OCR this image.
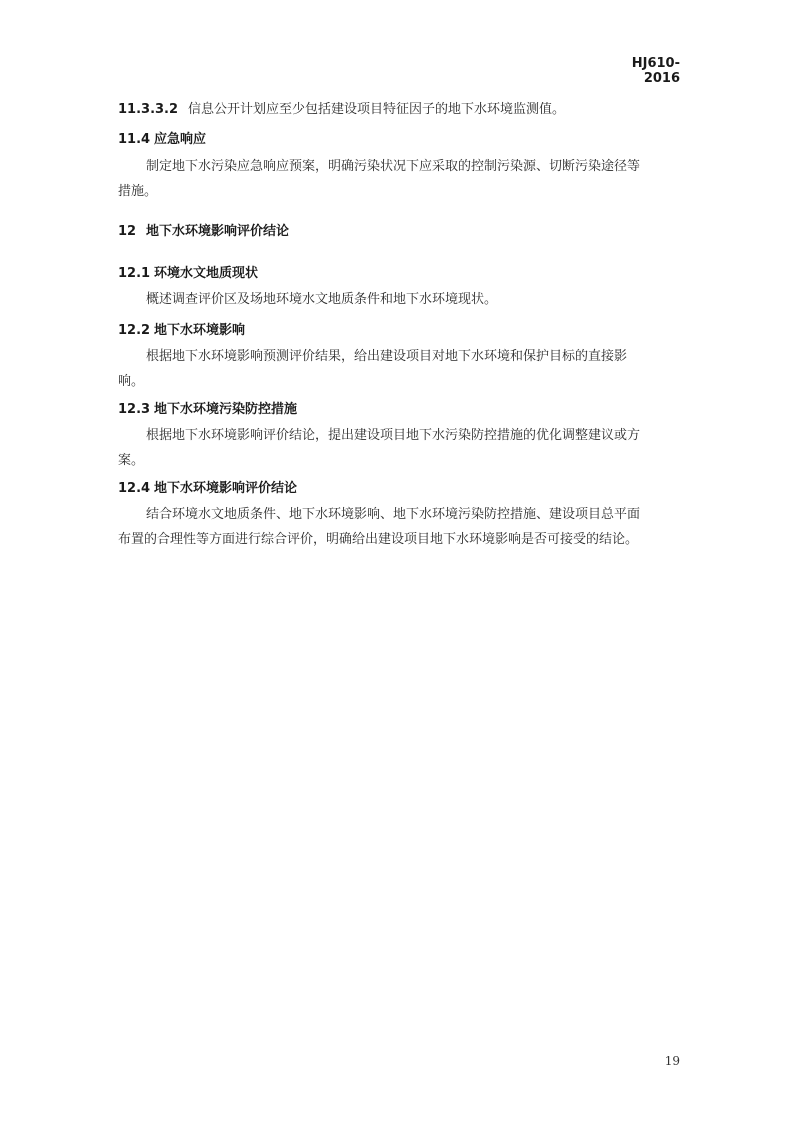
HJ610-2016
11.3.3.2 信息公开计划应至少包括建设项目特征因子的地下水环境监测值。
11.4 应急响应
制定地下水污染应急响应预案，明确污染状况下应采取的控制污染源、切断污染途径等
措施。
12 地下水环境影响评价结论
12.1 环境水文地质现状
概述调查评价区及场地环境水文地质条件和地下水环境现状。
12.2 地下水环境影响
根据地下水环境影响预测评价结果，给出建设项目对地下水环境和保护目标的直接影
响。
12.3 地下水环境污染防控措施
根据地下水环境影响评价结论，提出建设项目地下水污染防控措施的优化调整建议或方
案。
12.4 地下水环境影响评价结论
结合环境水文地质条件、地下水环境影响、地下水环境污染防控措施、建设项目总平面
布置的合理性等方面进行综合评价，明确给出建设项目地下水环境影响是否可接受的结论。
19
